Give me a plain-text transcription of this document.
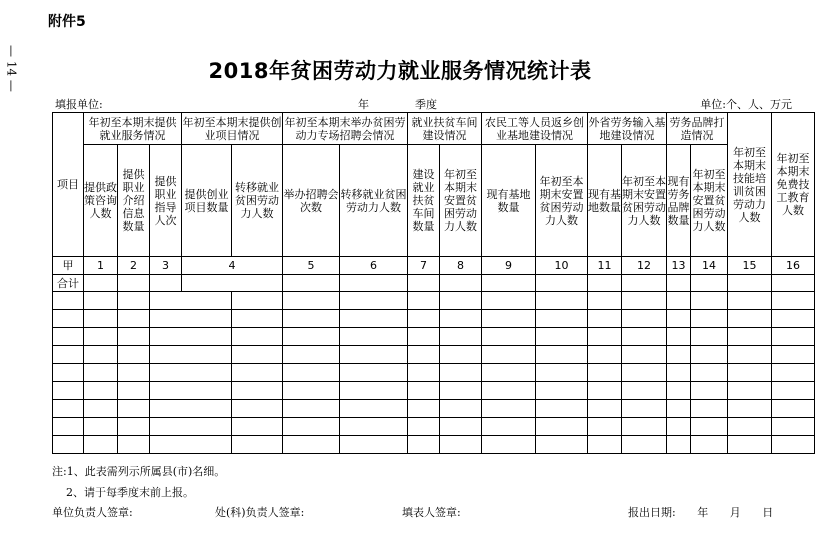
附件5
— 14 —	2018年贫困劳动力就业服务情况统计表
填报单位:	年	季度	单位:个、人、万元
项目	年初至本期末提供就业服务情况			年初至本期末提供创业项目情况		年初至本期末举办贫困劳动力专场招聘会情况		就业扶贫车间建设情况		农民工等人员返乡创业基地建设情况		外省劳务输入基地建设情况		劳务品牌打造情况		年初至本期末技能培训贫困劳动力人数	年初至本期末免费技工教育人数	
	提供政策咨询人数	提供职业介绍信息数量	提供职业指导人次	提供创业项目数量	转移就业贫困劳动力人数	举办招聘会次数	转移就业贫困劳动力人数	建设就业扶贫车间数量	年初至本期末安置贫困劳动力人数	现有基地数量	年初至本期末安置贫困劳动力人数	现有基地数量	年初至本期末安置贫困劳动力人数	现有劳务品牌数量	年初至本期末安置贫困劳动力人数			
甲	1	2	3	4		5	6	7	8	9	10	11	12	13	14	15	16	
合计																		

注:1、此表需列示所属县(市)名细。
2、请于每季度末前上报。
单位负责人签章:	处(科)负责人签章:	填表人签章:	报出日期: 年 月 日
